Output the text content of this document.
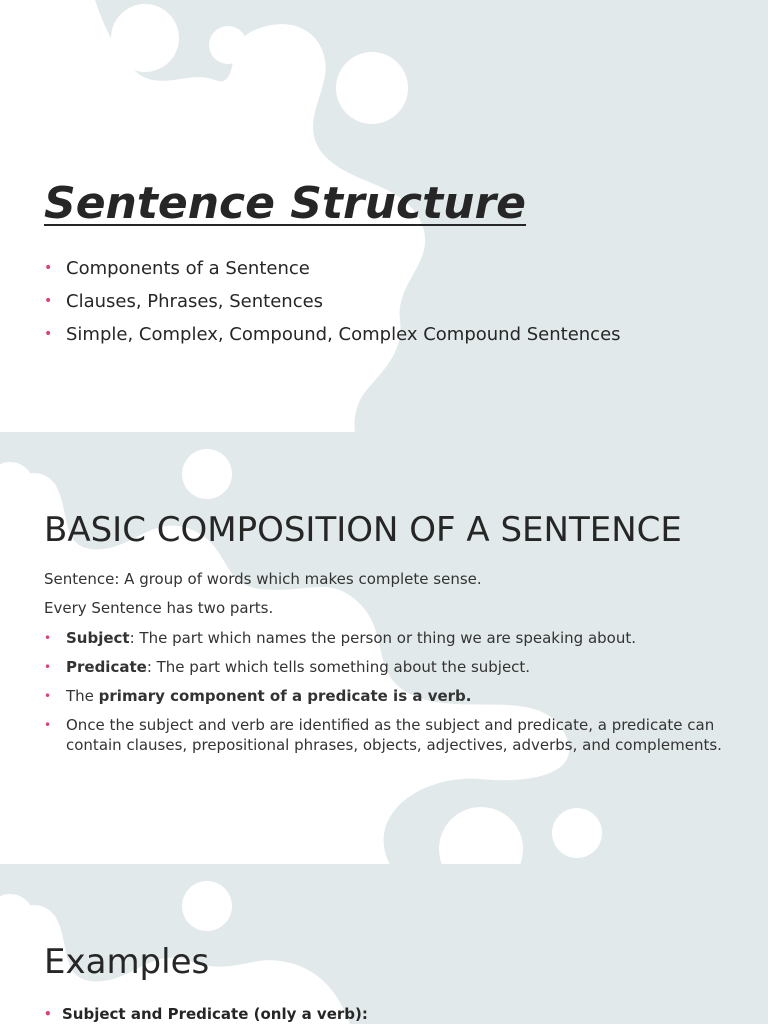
Sentence Structure
• Components of a Sentence
• Clauses, Phrases, Sentences
• Simple, Complex, Compound, Complex Compound Sentences
BASIC COMPOSITION OF A SENTENCE

Sentence: A group of words which makes complete sense.

Every Sentence has two parts.

• Subject: The part which names the person or thing we are speaking about.
• Predicate: The part which tells something about the subject.
• The primary component of a predicate is a verb.
• Once the subject and verb are identified as the subject and predicate, a predicate can contain clauses, prepositional phrases, objects, adjectives, adverbs, and complements.
Examples
• Subject and Predicate (only a verb):
